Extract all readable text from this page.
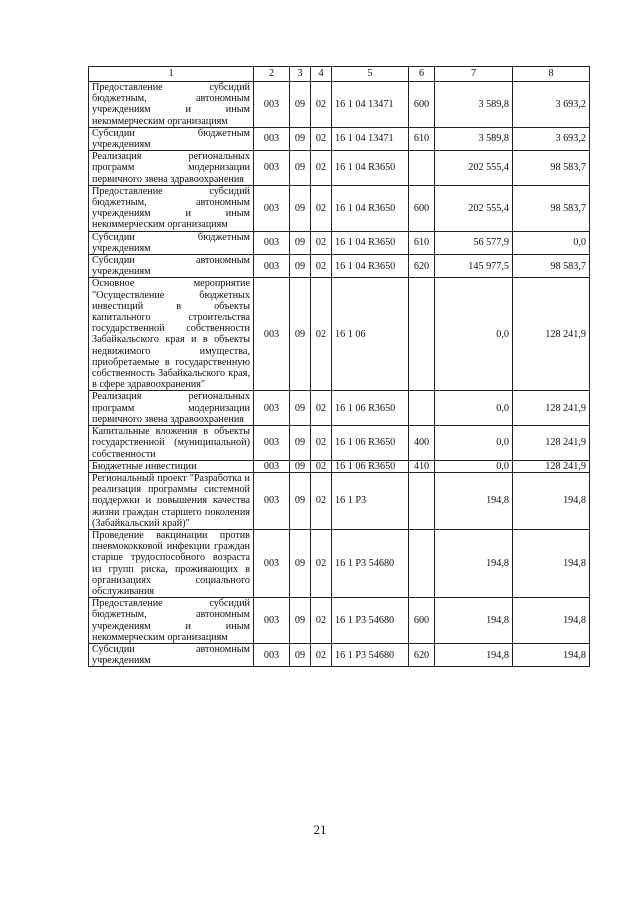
1	2	3	4	5	6	7	8
Предоставление субсидий бюджетным, автономным учреждениям и иным некоммерческим организациям	003	09	02	16 1 04 13471	600	3 589,8	3 693,2
Субсидии бюджетным учреждениям	003	09	02	16 1 04 13471	610	3 589,8	3 693,2
Реализация региональных программ модернизации первичного звена здравоохранения	003	09	02	16 1 04 R3650		202 555,4	98 583,7
Предоставление субсидий бюджетным, автономным учреждениям и иным некоммерческим организациям	003	09	02	16 1 04 R3650	600	202 555,4	98 583,7
Субсидии бюджетным учреждениям	003	09	02	16 1 04 R3650	610	56 577,9	0,0
Субсидии автономным учреждениям	003	09	02	16 1 04 R3650	620	145 977,5	98 583,7
Основное мероприятие "Осуществление бюджетных инвестиций в объекты капитального строительства государственной собственности Забайкальского края и в объекты недвижимого имущества, приобретаемые в государственную собственность Забайкальского края, в сфере здравоохранения"	003	09	02	16 1 06		0,0	128 241,9
Реализация региональных программ модернизации первичного звена здравоохранения	003	09	02	16 1 06 R3650		0,0	128 241,9
Капитальные вложения в объекты государственной (муниципальной) собственности	003	09	02	16 1 06 R3650	400	0,0	128 241,9
Бюджетные инвестиции	003	09	02	16 1 06 R3650	410	0,0	128 241,9
Региональный проект "Разработка и реализация программы системной поддержки и повышения качества жизни граждан старшего поколения (Забайкальский край)"	003	09	02	16 1 P3		194,8	194,8
Проведение вакцинации против пневмококковой инфекции граждан старше трудоспособного возраста из групп риска, проживающих в организациях социального обслуживания	003	09	02	16 1 P3 54680		194,8	194,8
Предоставление субсидий бюджетным, автономным учреждениям и иным некоммерческим организациям	003	09	02	16 1 P3 54680	600	194,8	194,8
Субсидии автономным учреждениям	003	09	02	16 1 P3 54680	620	194,8	194,8
21
